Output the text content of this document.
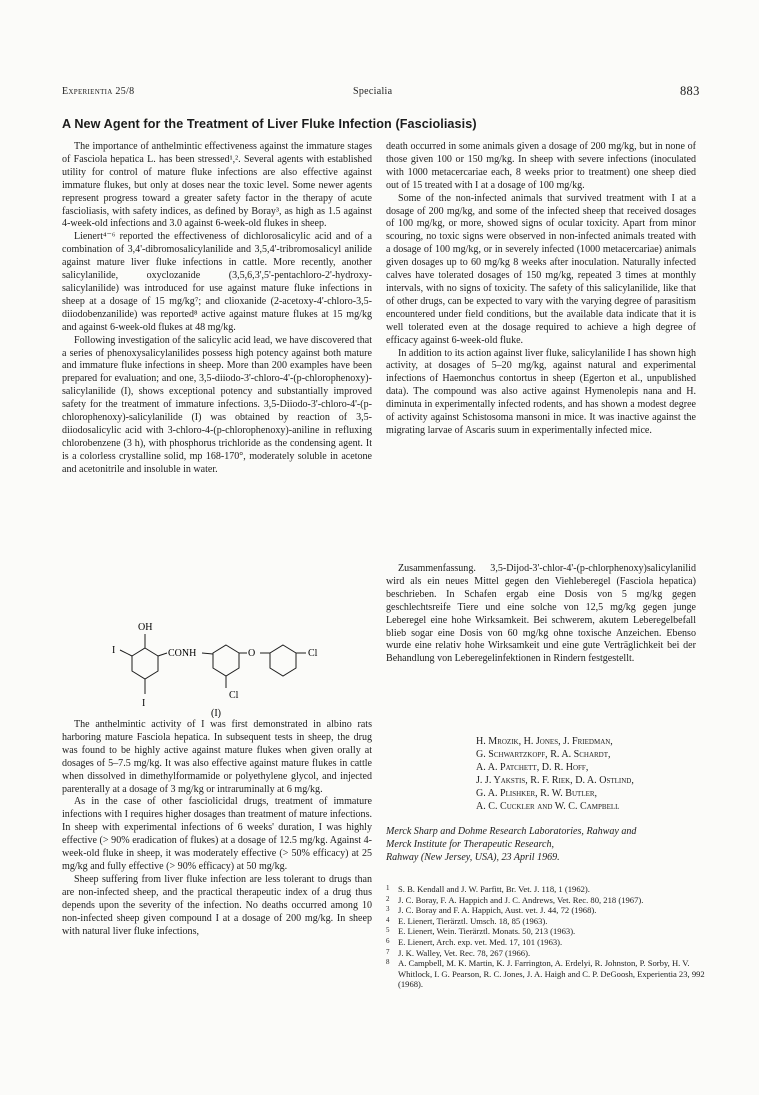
Experientia 25/8	Specialia	883
A New Agent for the Treatment of Liver Fluke Infection (Fascioliasis)

The importance of anthelmintic effectiveness against the immature stages of Fasciola hepatica L. has been stressed¹,². Several agents with established utility for control of mature fluke infections are also effective against immature flukes, but only at doses near the toxic level. Some newer agents represent progress toward a greater safety factor in the therapy of acute fascioliasis, with safety indices, as defined by Boray³, as high as 1.5 against 4-week-old infections and 3.0 against 6-week-old flukes in sheep.

Lienert⁴⁻⁶ reported the effectiveness of dichlorosalicylic acid and of a combination of 3,4'-dibromosalicylanilide and 3,5,4'-tribromosalicyl anilide against mature liver fluke infections in cattle. More recently, another salicylanilide, oxyclozanide (3,5,6,3',5'-pentachloro-2'-hydroxy-salicylanilide) was introduced for use against mature fluke infections in sheep at a dosage of 15 mg/kg⁷; and clioxanide (2-acetoxy-4'-chloro-3,5-diiodobenzanilide) was reported⁸ active against mature flukes at 15 mg/kg and against 6-week-old flukes at 48 mg/kg.

Following investigation of the salicylic acid lead, we have discovered that a series of phenoxysalicylanilides possess high potency against both mature and immature fluke infections in sheep. More than 200 examples have been prepared for evaluation; and one, 3,5-diiodo-3'-chloro-4'-(p-chlorophenoxy)-salicylanilide (I), shows exceptional potency and substantially improved safety for the treatment of immature infections. 3,5-Diiodo-3'-chloro-4'-(p-chlorophenoxy)-salicylanilide (I) was obtained by reaction of 3,5-diiodosalicylic acid with 3-chloro-4-(p-chlorophenoxy)-aniline in refluxing chlorobenzene (3 h), with phosphorus trichloride as the condensing agent. It is a colorless crystalline solid, mp 168-170°, moderately soluble in acetone and acetonitrile and insoluble in water.

OH
I	CONH	O	Cl
Cl
I
(I)

The anthelmintic activity of I was first demonstrated in albino rats harboring mature Fasciola hepatica. In subsequent tests in sheep, the drug was found to be highly active against mature flukes when given orally at dosages of 5–7.5 mg/kg. It was also effective against mature flukes in cattle when dissolved in dimethylformamide or polyethylene glycol, and injected parenterally at a dosage of 3 mg/kg or intraruminally at 6 mg/kg.

As in the case of other fasciolicidal drugs, treatment of immature infections with I requires higher dosages than treatment of mature infections. In sheep with experimental infections of 6 weeks' duration, I was highly effective (> 90% eradication of flukes) at a dosage of 12.5 mg/kg. Against 4-week-old fluke in sheep, it was moderately effective (> 50% efficacy) at 25 mg/kg and fully effective (> 90% efficacy) at 50 mg/kg.

Sheep suffering from liver fluke infection are less tolerant to drugs than are non-infected sheep, and the practical therapeutic index of a drug thus depends upon the severity of the infection. No deaths occurred among 10 non-infected sheep given compound I at a dosage of 200 mg/kg. In sheep with natural liver fluke infections,

death occurred in some animals given a dosage of 200 mg/kg, but in none of those given 100 or 150 mg/kg. In sheep with severe infections (inoculated with 1000 metacercariae each, 8 weeks prior to treatment) one sheep died out of 15 treated with I at a dosage of 100 mg/kg.

Some of the non-infected animals that survived treatment with I at a dosage of 200 mg/kg, and some of the infected sheep that received dosages of 100 mg/kg, or more, showed signs of ocular toxicity. Apart from minor scouring, no toxic signs were observed in non-infected animals treated with a dosage of 100 mg/kg, or in severely infected (1000 metacercariae) animals given dosages up to 60 mg/kg 8 weeks after inoculation. Naturally infected calves have tolerated dosages of 150 mg/kg, repeated 3 times at monthly intervals, with no signs of toxicity. The safety of this salicylanilide, like that of other drugs, can be expected to vary with the varying degree of parasitism encountered under field conditions, but the available data indicate that it is well tolerated even at the dosage required to achieve a high degree of efficacy against 6-week-old fluke.

In addition to its action against liver fluke, salicylanilide I has shown high activity, at dosages of 5–20 mg/kg, against natural and experimental infections of Haemonchus contortus in sheep (Egerton et al., unpublished data). The compound was also active against Hymenolepis nana and H. diminuta in experimentally infected rodents, and has shown a modest degree of activity against Schistosoma mansoni in mice. It was inactive against the migrating larvae of Ascaris suum in experimentally infected mice.

Zusammenfassung. 3,5-Dijod-3'-chlor-4'-(p-chlorphenoxy)salicylanilid wird als ein neues Mittel gegen den Viehleberegel (Fasciola hepatica) beschrieben. In Schafen ergab eine Dosis von 5 mg/kg gegen geschlechtsreife Tiere und eine solche von 12,5 mg/kg gegen junge Leberegel eine hohe Wirksamkeit. Bei schwerem, akutem Leberegelbefall blieb sogar eine Dosis von 60 mg/kg ohne toxische Anzeichen. Ebenso wurde eine relativ hohe Wirksamkeit und eine gute Verträglichkeit bei der Behandlung von Leberegelinfektionen in Rindern festgestellt.

H. Mrozik, H. Jones, J. Friedman,
G. Schwartzkopf, R. A. Schardt,
A. A. Patchett, D. R. Hoff,
J. J. Yakstis, R. F. Riek, D. A. Ostlind,
G. A. Plishker, R. W. Butler,
A. C. Cuckler and W. C. Campbell
Merck Sharp and Dohme Research Laboratories, Rahway and
Merck Institute for Therapeutic Research,
Rahway (New Jersey, USA), 23 April 1969.
1 S. B. Kendall and J. W. Parfitt, Br. Vet. J. 118, 1 (1962).
2 J. C. Boray, F. A. Happich and J. C. Andrews, Vet. Rec. 80, 218 (1967).
3 J. C. Boray and F. A. Happich, Aust. vet. J. 44, 72 (1968).
4 E. Lienert, Tierärztl. Umsch. 18, 85 (1963).
5 E. Lienert, Wein. Tierärztl. Monats. 50, 213 (1963).
6 E. Lienert, Arch. exp. vet. Med. 17, 101 (1963).
7 J. K. Walley, Vet. Rec. 78, 267 (1966).
8 A. Campbell, M. K. Martin, K. J. Farrington, A. Erdelyi, R. Johnston, P. Sorby, H. V. Whitlock, I. G. Pearson, R. C. Jones, J. A. Haigh and C. P. DeGoosh, Experientia 23, 992 (1968).
